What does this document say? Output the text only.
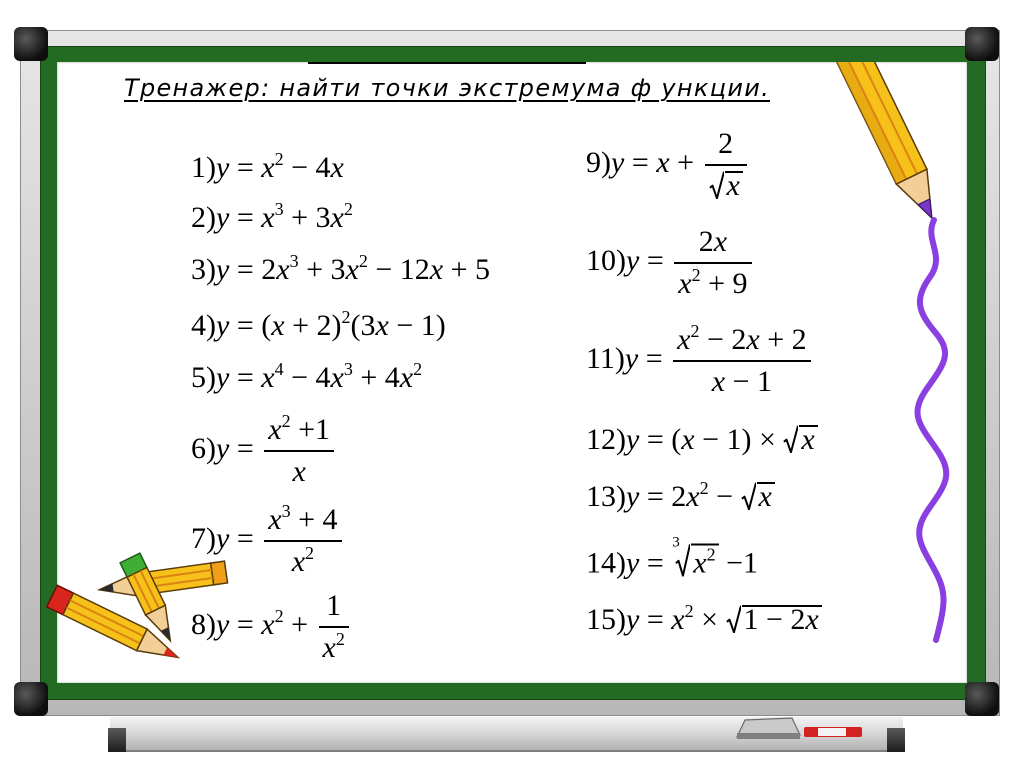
Тренажер: найти точки экстремума ф ункции.
$1)y = x^2 - 4x$
$2)y = x^3 + 3x^2$
$3)y = 2x^3 + 3x^2 - 12x + 5$
$4)y = (x + 2)^2(3x - 1)$
$5)y = x^4 - 4x^3 + 4x^2$
$6)y = \frac{x^2 +1}{x}$
$7)y = \frac{x^3 + 4}{x^2}$
$8)y = x^2 + \frac{1}{x^2}$
$9)y = x + \frac{2}{x}$
$10)y = \frac{2x}{x^2 + 9}$
$11)y = \frac{x^2 - 2x + 2}{x - 1}$
12)y = (x − 1) × x
$13)y = 2x^2 - x$
14)y =
3
$x^2 -1$
$15)y = x^2 \times 1 - 2x$
